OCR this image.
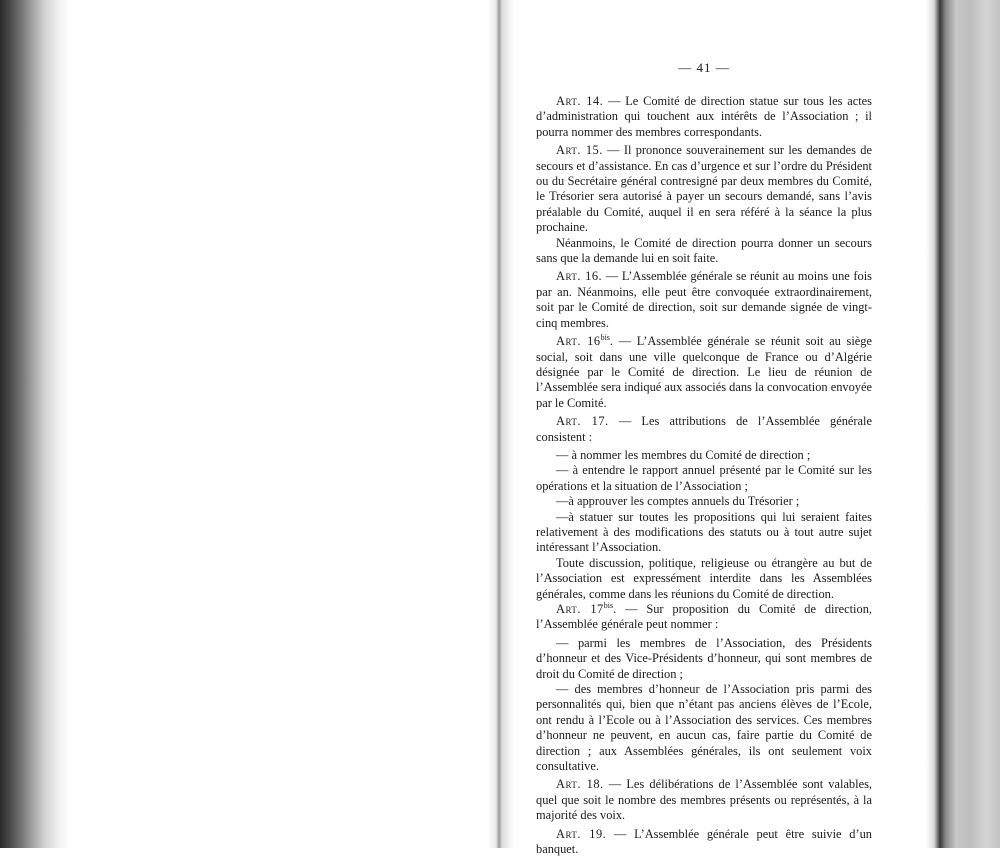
— 41 —

Art. 14. — Le Comité de direction statue sur tous les actes d’administration qui touchent aux intérêts de l’Association ; il pourra nommer des membres correspondants.

Art. 15. — Il prononce souverainement sur les demandes de secours et d’assistance. En cas d’urgence et sur l’ordre du Président ou du Secrétaire général contresigné par deux membres du Comité, le Trésorier sera autorisé à payer un secours demandé, sans l’avis préalable du Comité, auquel il en sera référé à la séance la plus prochaine.

Néanmoins, le Comité de direction pourra donner un secours sans que la demande lui en soit faite.

Art. 16. — L’Assemblée générale se réunit au moins une fois par an. Néanmoins, elle peut être convoquée extraordinairement, soit par le Comité de direction, soit sur demande signée de vingt-cinq membres.

Art. $16^{bis}$. — L’Assemblée générale se réunit soit au siège social, soit dans une ville quelconque de France ou d’Algérie désignée par le Comité de direction. Le lieu de réunion de l’Assemblée sera indiqué aux associés dans la convocation envoyée par le Comité.

Art. 17. — Les attributions de l’Assemblée générale consistent :

— à nommer les membres du Comité de direction ;

— à entendre le rapport annuel présenté par le Comité sur les opérations et la situation de l’Association ;

—à approuver les comptes annuels du Trésorier ;

—à statuer sur toutes les propositions qui lui seraient faites relativement à des modifications des statuts ou à tout autre sujet intéressant l’Association.

Toute discussion, politique, religieuse ou étrangère au but de l’Association est expressément interdite dans les Assemblées générales, comme dans les réunions du Comité de direction.

Art. $17^{bis}$. — Sur proposition du Comité de direction, l’Assemblée générale peut nommer :

— parmi les membres de l’Association, des Présidents d’honneur et des Vice-Présidents d’honneur, qui sont membres de droit du Comité de direction ;

— des membres d’honneur de l’Association pris parmi des personnalités qui, bien que n’étant pas anciens élèves de l’Ecole, ont rendu à l’Ecole ou à l’Association des services. Ces membres d’honneur ne peuvent, en aucun cas, faire partie du Comité de direction ; aux Assemblées générales, ils ont seulement voix consultative.

Art. 18. — Les délibérations de l’Assemblée sont valables, quel que soit le nombre des membres présents ou représentés, à la majorité des voix.

Art. 19. — L’Assemblée générale peut être suivie d’un banquet.
